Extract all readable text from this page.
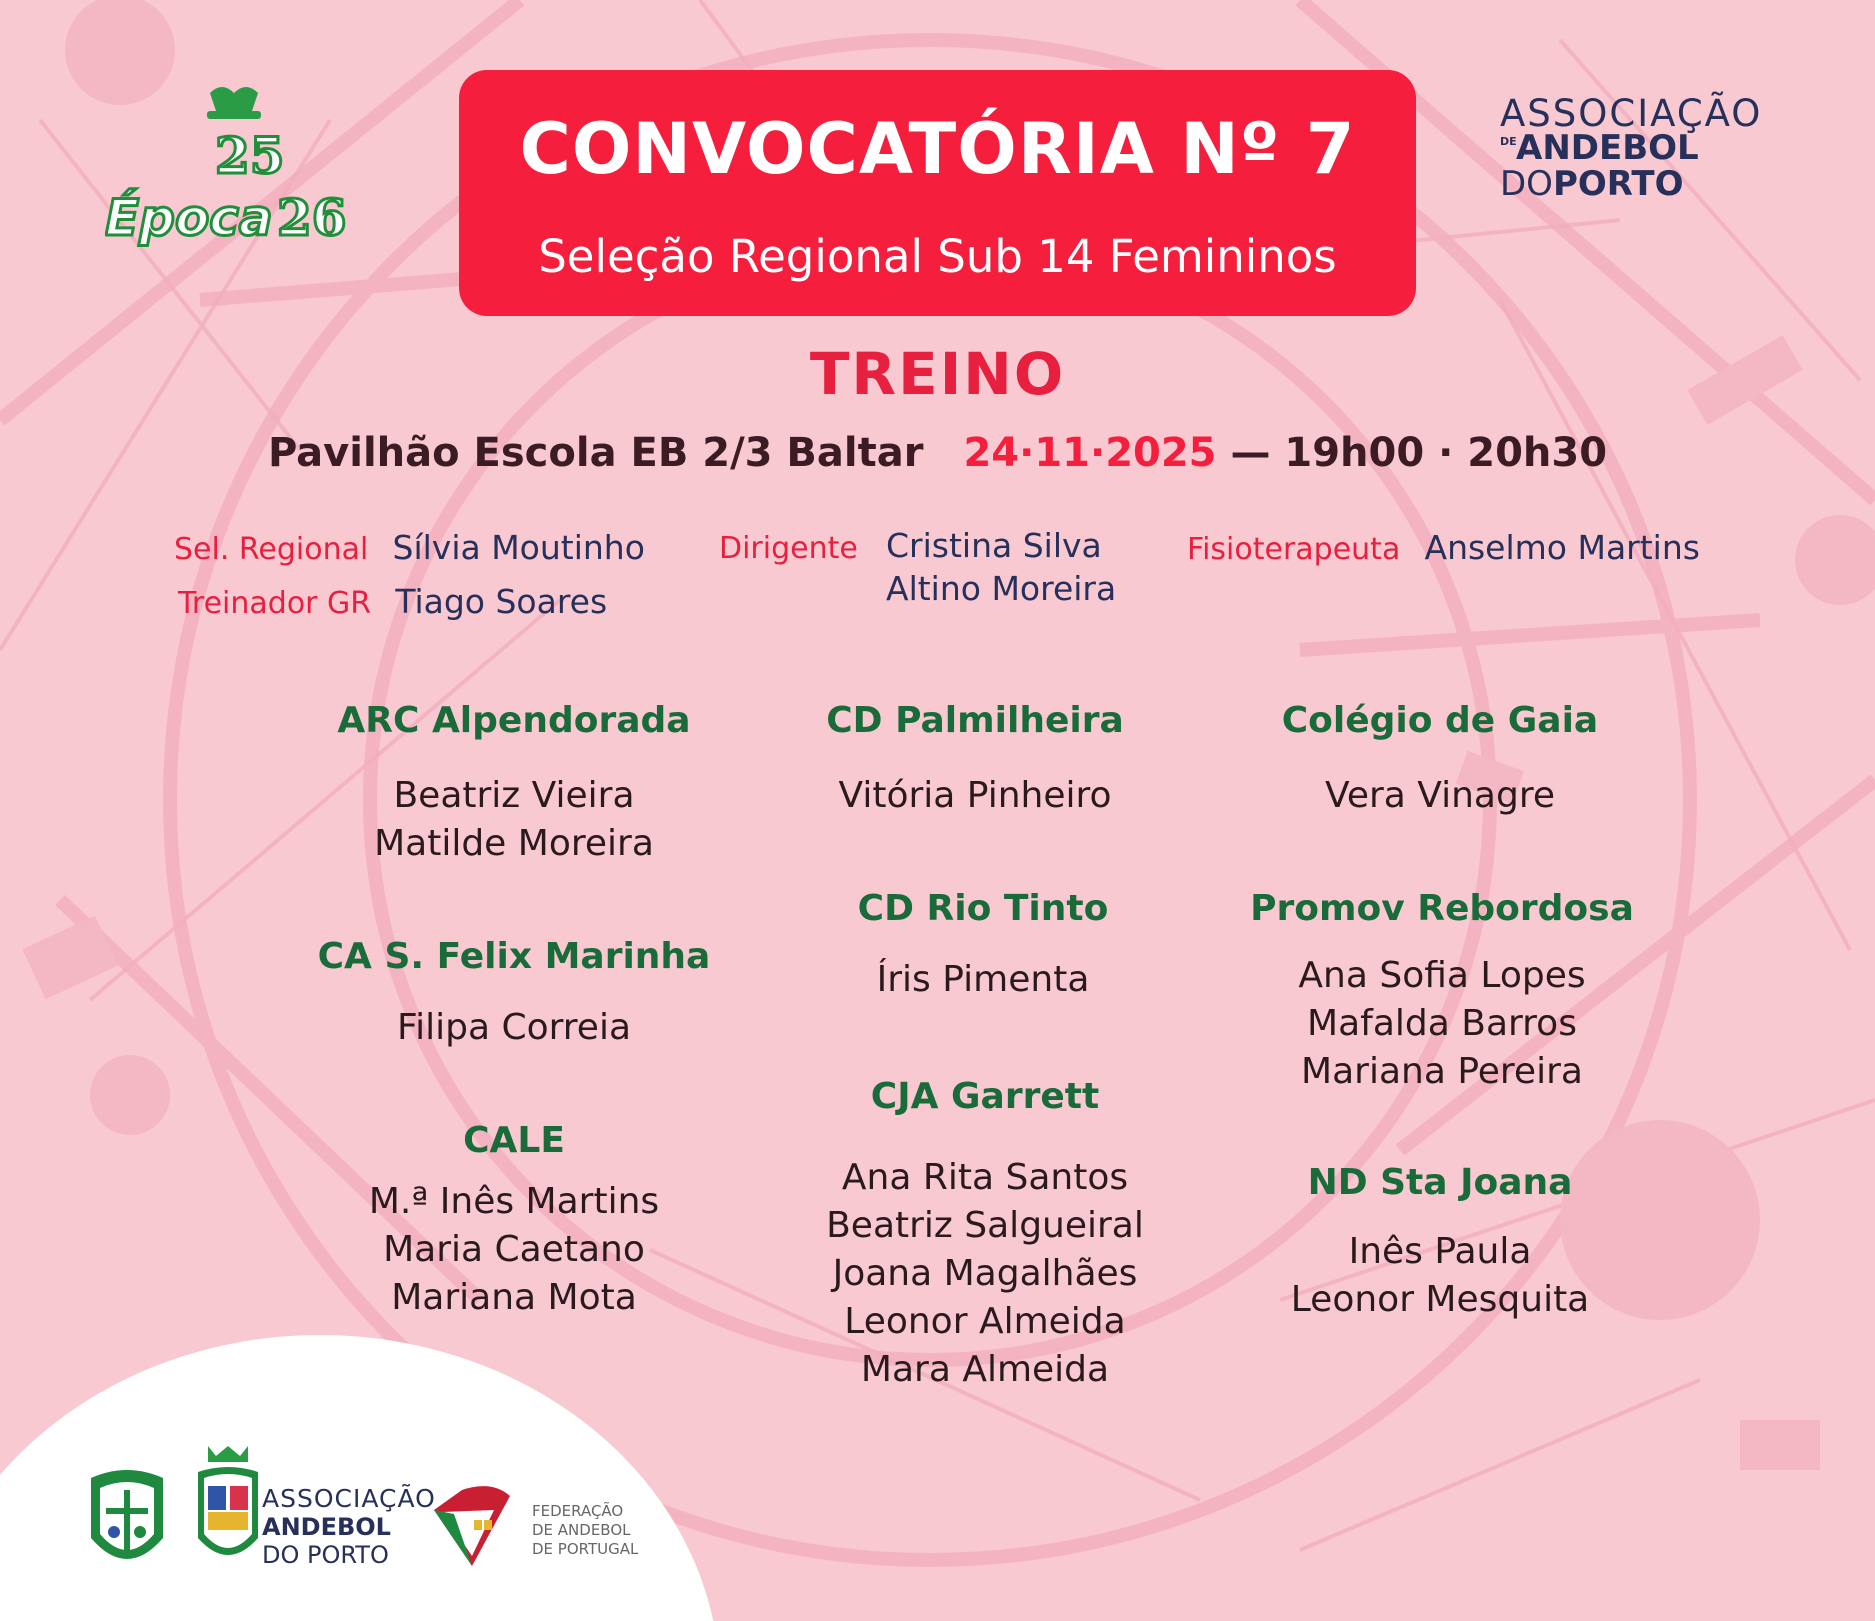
25
Época 26
ASSOCIAÇÃO
DE ANDEBOL
DOPORTO
CONVOCATÓRIA Nº 7
Seleção Regional Sub 14 Femininos
TREINO
Pavilhão Escola EB 2/3 Baltar 24·11·2025 — 19h00 · 20h30
Sel. Regional Sílvia Moutinho
Treinador GR Tiago Soares
Dirigente Cristina Silva
Altino Moreira
Fisioterapeuta Anselmo Martins
ARC Alpendorada
Beatriz Vieira
Matilde Moreira
CA S. Felix Marinha
Filipa Correia
CALE
M.ª Inês Martins
Maria Caetano
Mariana Mota
CD Palmilheira
Vitória Pinheiro
CD Rio Tinto
Íris Pimenta
CJA Garrett
Ana Rita Santos
Beatriz Salgueiral
Joana Magalhães
Leonor Almeida
Mara Almeida
Colégio de Gaia
Vera Vinagre
Promov Rebordosa
Ana Sofia Lopes
Mafalda Barros
Mariana Pereira
ND Sta Joana
Inês Paula
Leonor Mesquita
ASSOCIAÇÃO
ANDEBOL
DO PORTO
FEDERAÇÃO
DE ANDEBOL
DE PORTUGAL
